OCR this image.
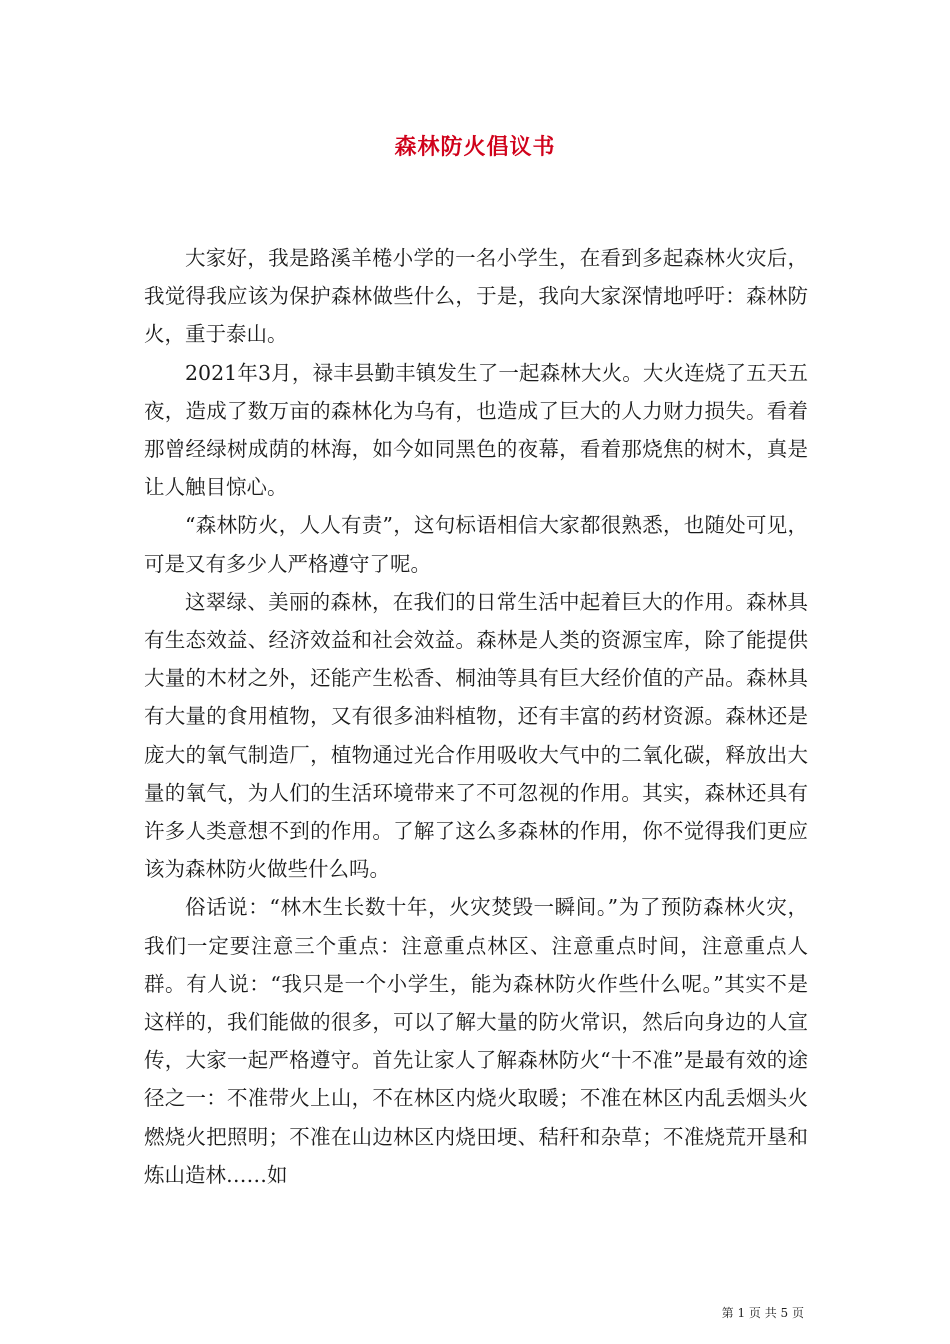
森林防火倡议书

大家好，我是路溪羊棬小学的一名小学生，在看到多起森林火灾后，我觉得我应该为保护森林做些什么，于是，我向大家深情地呼吁：森林防火，重于泰山。

2021年3月，禄丰县勤丰镇发生了一起森林大火。大火连烧了五天五夜，造成了数万亩的森林化为乌有，也造成了巨大的人力财力损失。看着那曾经绿树成荫的林海，如今如同黑色的夜幕，看着那烧焦的树木，真是让人触目惊心。

“森林防火，人人有责”，这句标语相信大家都很熟悉，也随处可见，可是又有多少人严格遵守了呢。

这翠绿、美丽的森林，在我们的日常生活中起着巨大的作用。森林具有生态效益、经济效益和社会效益。森林是人类的资源宝库，除了能提供大量的木材之外，还能产生松香、桐油等具有巨大经价值的产品。森林具有大量的食用植物，又有很多油料植物，还有丰富的药材资源。森林还是庞大的氧气制造厂，植物通过光合作用吸收大气中的二氧化碳，释放出大量的氧气，为人们的生活环境带来了不可忽视的作用。其实，森林还具有许多人类意想不到的作用。了解了这么多森林的作用，你不觉得我们更应该为森林防火做些什么吗。

俗话说：“林木生长数十年，火灾焚毁一瞬间。”为了预防森林火灾，我们一定要注意三个重点：注意重点林区、注意重点时间，注意重点人群。有人说：“我只是一个小学生，能为森林防火作些什么呢。”其实不是这样的，我们能做的很多，可以了解大量的防火常识，然后向身边的人宣传，大家一起严格遵守。首先让家人了解森林防火“十不准”是最有效的途径之一：不准带火上山，不在林区内烧火取暖；不准在林区内乱丢烟头火燃烧火把照明；不准在山边林区内烧田埂、秸秆和杂草；不准烧荒开垦和炼山造林……如

第 1 页 共 5 页
